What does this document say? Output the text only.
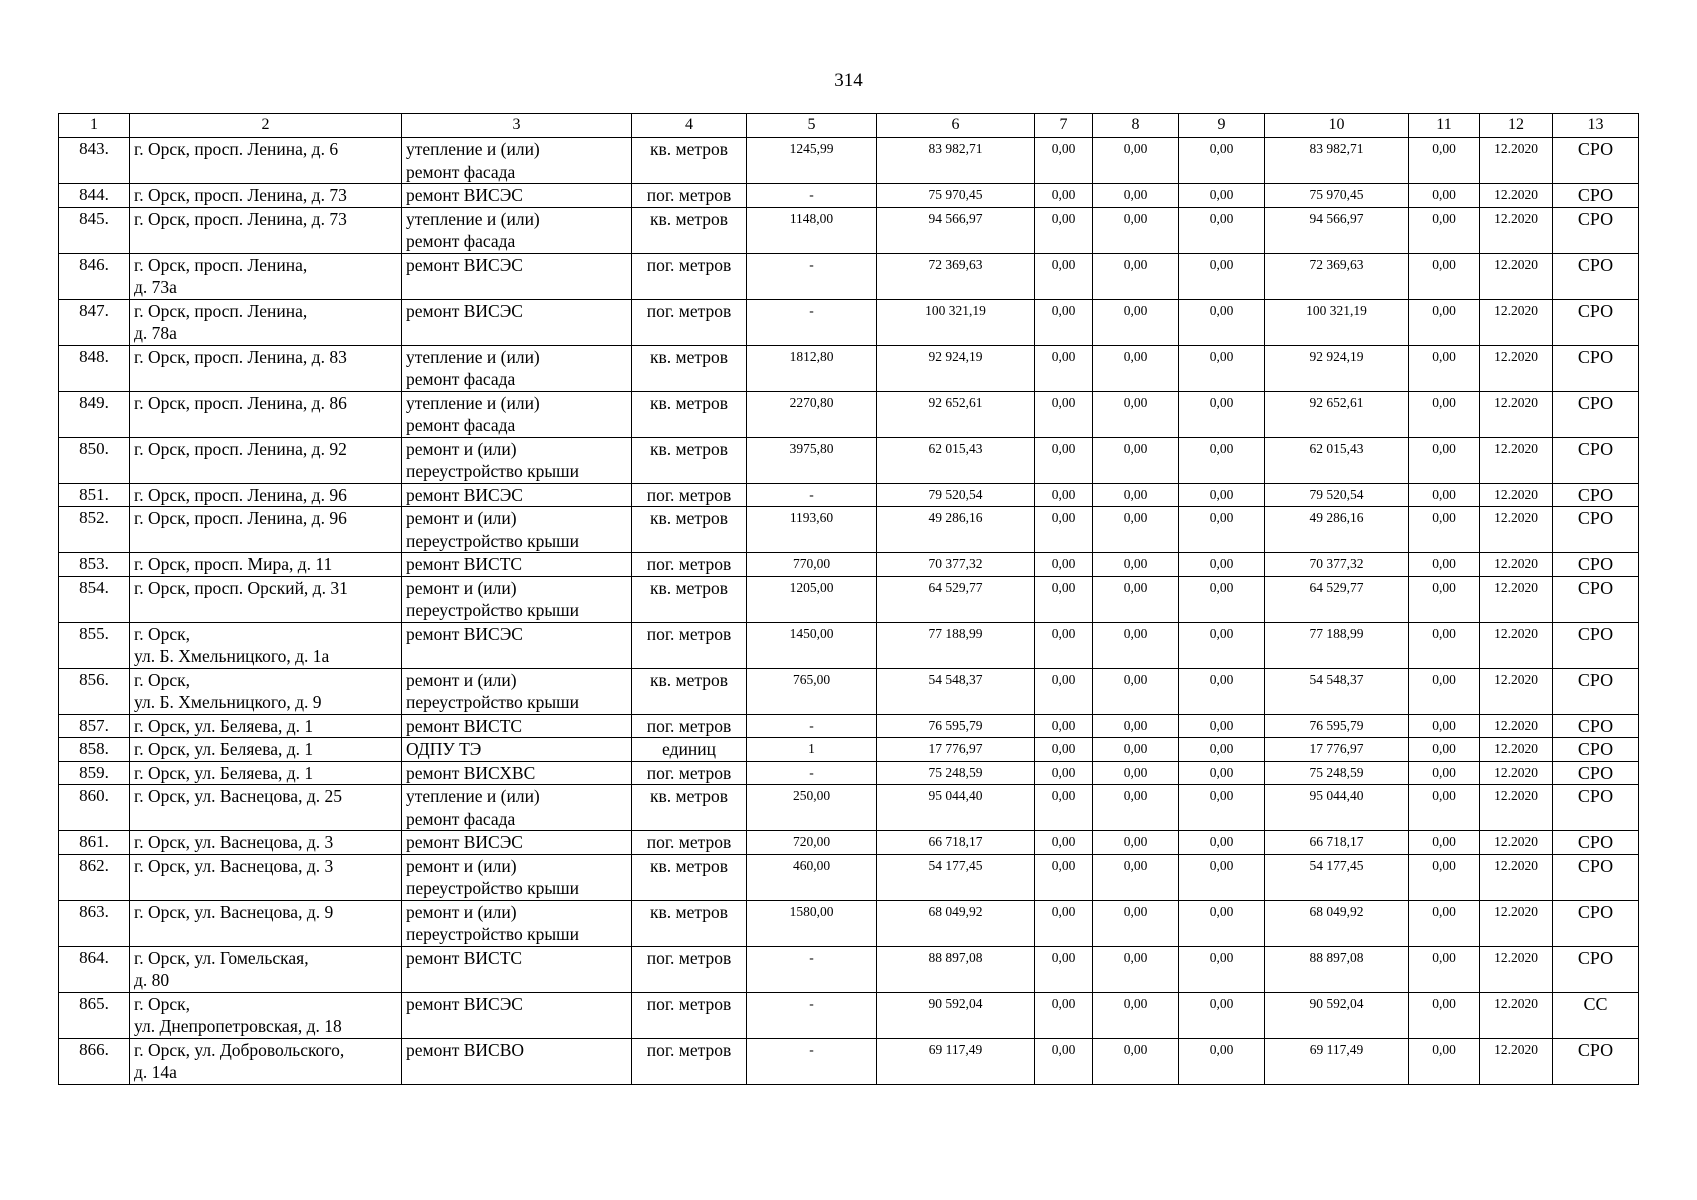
314
1	2	3	4	5	6	7	8	9	10	11	12	13
843.	г. Орск, просп. Ленина, д. 6	утепление и (или)
ремонт фасада	кв. метров	1245,99	83 982,71	0,00	0,00	0,00	83 982,71	0,00	12.2020	СРО
844.	г. Орск, просп. Ленина, д. 73	ремонт ВИСЭС	пог. метров	-	75 970,45	0,00	0,00	0,00	75 970,45	0,00	12.2020	СРО
845.	г. Орск, просп. Ленина, д. 73	утепление и (или)
ремонт фасада	кв. метров	1148,00	94 566,97	0,00	0,00	0,00	94 566,97	0,00	12.2020	СРО
846.	г. Орск, просп. Ленина,
д. 73а	ремонт ВИСЭС	пог. метров	-	72 369,63	0,00	0,00	0,00	72 369,63	0,00	12.2020	СРО
847.	г. Орск, просп. Ленина,
д. 78а	ремонт ВИСЭС	пог. метров	-	100 321,19	0,00	0,00	0,00	100 321,19	0,00	12.2020	СРО
848.	г. Орск, просп. Ленина, д. 83	утепление и (или)
ремонт фасада	кв. метров	1812,80	92 924,19	0,00	0,00	0,00	92 924,19	0,00	12.2020	СРО
849.	г. Орск, просп. Ленина, д. 86	утепление и (или)
ремонт фасада	кв. метров	2270,80	92 652,61	0,00	0,00	0,00	92 652,61	0,00	12.2020	СРО
850.	г. Орск, просп. Ленина, д. 92	ремонт и (или)
переустройство крыши	кв. метров	3975,80	62 015,43	0,00	0,00	0,00	62 015,43	0,00	12.2020	СРО
851.	г. Орск, просп. Ленина, д. 96	ремонт ВИСЭС	пог. метров	-	79 520,54	0,00	0,00	0,00	79 520,54	0,00	12.2020	СРО
852.	г. Орск, просп. Ленина, д. 96	ремонт и (или)
переустройство крыши	кв. метров	1193,60	49 286,16	0,00	0,00	0,00	49 286,16	0,00	12.2020	СРО
853.	г. Орск, просп. Мира, д. 11	ремонт ВИСТС	пог. метров	770,00	70 377,32	0,00	0,00	0,00	70 377,32	0,00	12.2020	СРО
854.	г. Орск, просп. Орский, д. 31	ремонт и (или)
переустройство крыши	кв. метров	1205,00	64 529,77	0,00	0,00	0,00	64 529,77	0,00	12.2020	СРО
855.	г. Орск,
ул. Б. Хмельницкого, д. 1а	ремонт ВИСЭС	пог. метров	1450,00	77 188,99	0,00	0,00	0,00	77 188,99	0,00	12.2020	СРО
856.	г. Орск,
ул. Б. Хмельницкого, д. 9	ремонт и (или)
переустройство крыши	кв. метров	765,00	54 548,37	0,00	0,00	0,00	54 548,37	0,00	12.2020	СРО
857.	г. Орск, ул. Беляева, д. 1	ремонт ВИСТС	пог. метров	-	76 595,79	0,00	0,00	0,00	76 595,79	0,00	12.2020	СРО
858.	г. Орск, ул. Беляева, д. 1	ОДПУ ТЭ	единиц	1	17 776,97	0,00	0,00	0,00	17 776,97	0,00	12.2020	СРО
859.	г. Орск, ул. Беляева, д. 1	ремонт ВИСХВС	пог. метров	-	75 248,59	0,00	0,00	0,00	75 248,59	0,00	12.2020	СРО
860.	г. Орск, ул. Васнецова, д. 25	утепление и (или)
ремонт фасада	кв. метров	250,00	95 044,40	0,00	0,00	0,00	95 044,40	0,00	12.2020	СРО
861.	г. Орск, ул. Васнецова, д. 3	ремонт ВИСЭС	пог. метров	720,00	66 718,17	0,00	0,00	0,00	66 718,17	0,00	12.2020	СРО
862.	г. Орск, ул. Васнецова, д. 3	ремонт и (или)
переустройство крыши	кв. метров	460,00	54 177,45	0,00	0,00	0,00	54 177,45	0,00	12.2020	СРО
863.	г. Орск, ул. Васнецова, д. 9	ремонт и (или)
переустройство крыши	кв. метров	1580,00	68 049,92	0,00	0,00	0,00	68 049,92	0,00	12.2020	СРО
864.	г. Орск, ул. Гомельская,
д. 80	ремонт ВИСТС	пог. метров	-	88 897,08	0,00	0,00	0,00	88 897,08	0,00	12.2020	СРО
865.	г. Орск,
ул. Днепропетровская, д. 18	ремонт ВИСЭС	пог. метров	-	90 592,04	0,00	0,00	0,00	90 592,04	0,00	12.2020	СС
866.	г. Орск, ул. Добровольского,
д. 14а	ремонт ВИСВО	пог. метров	-	69 117,49	0,00	0,00	0,00	69 117,49	0,00	12.2020	СРО
